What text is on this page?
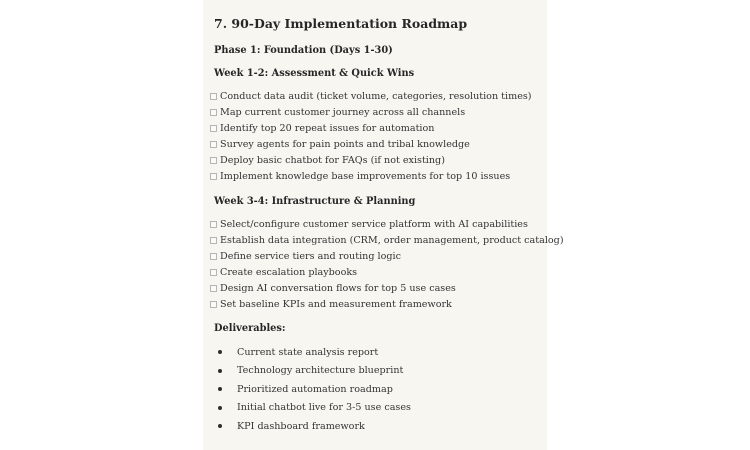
7. 90-Day Implementation Roadmap
Phase 1: Foundation (Days 1-30)
Week 1-2: Assessment & Quick Wins
Conduct data audit (ticket volume, categories, resolution times)
Map current customer journey across all channels
Identify top 20 repeat issues for automation
Survey agents for pain points and tribal knowledge
Deploy basic chatbot for FAQs (if not existing)
Implement knowledge base improvements for top 10 issues
Week 3-4: Infrastructure & Planning
Select/configure customer service platform with AI capabilities
Establish data integration (CRM, order management, product catalog)
Define service tiers and routing logic
Create escalation playbooks
Design AI conversation flows for top 5 use cases
Set baseline KPIs and measurement framework
Deliverables:
Current state analysis report
Technology architecture blueprint
Prioritized automation roadmap
Initial chatbot live for 3-5 use cases
KPI dashboard framework
